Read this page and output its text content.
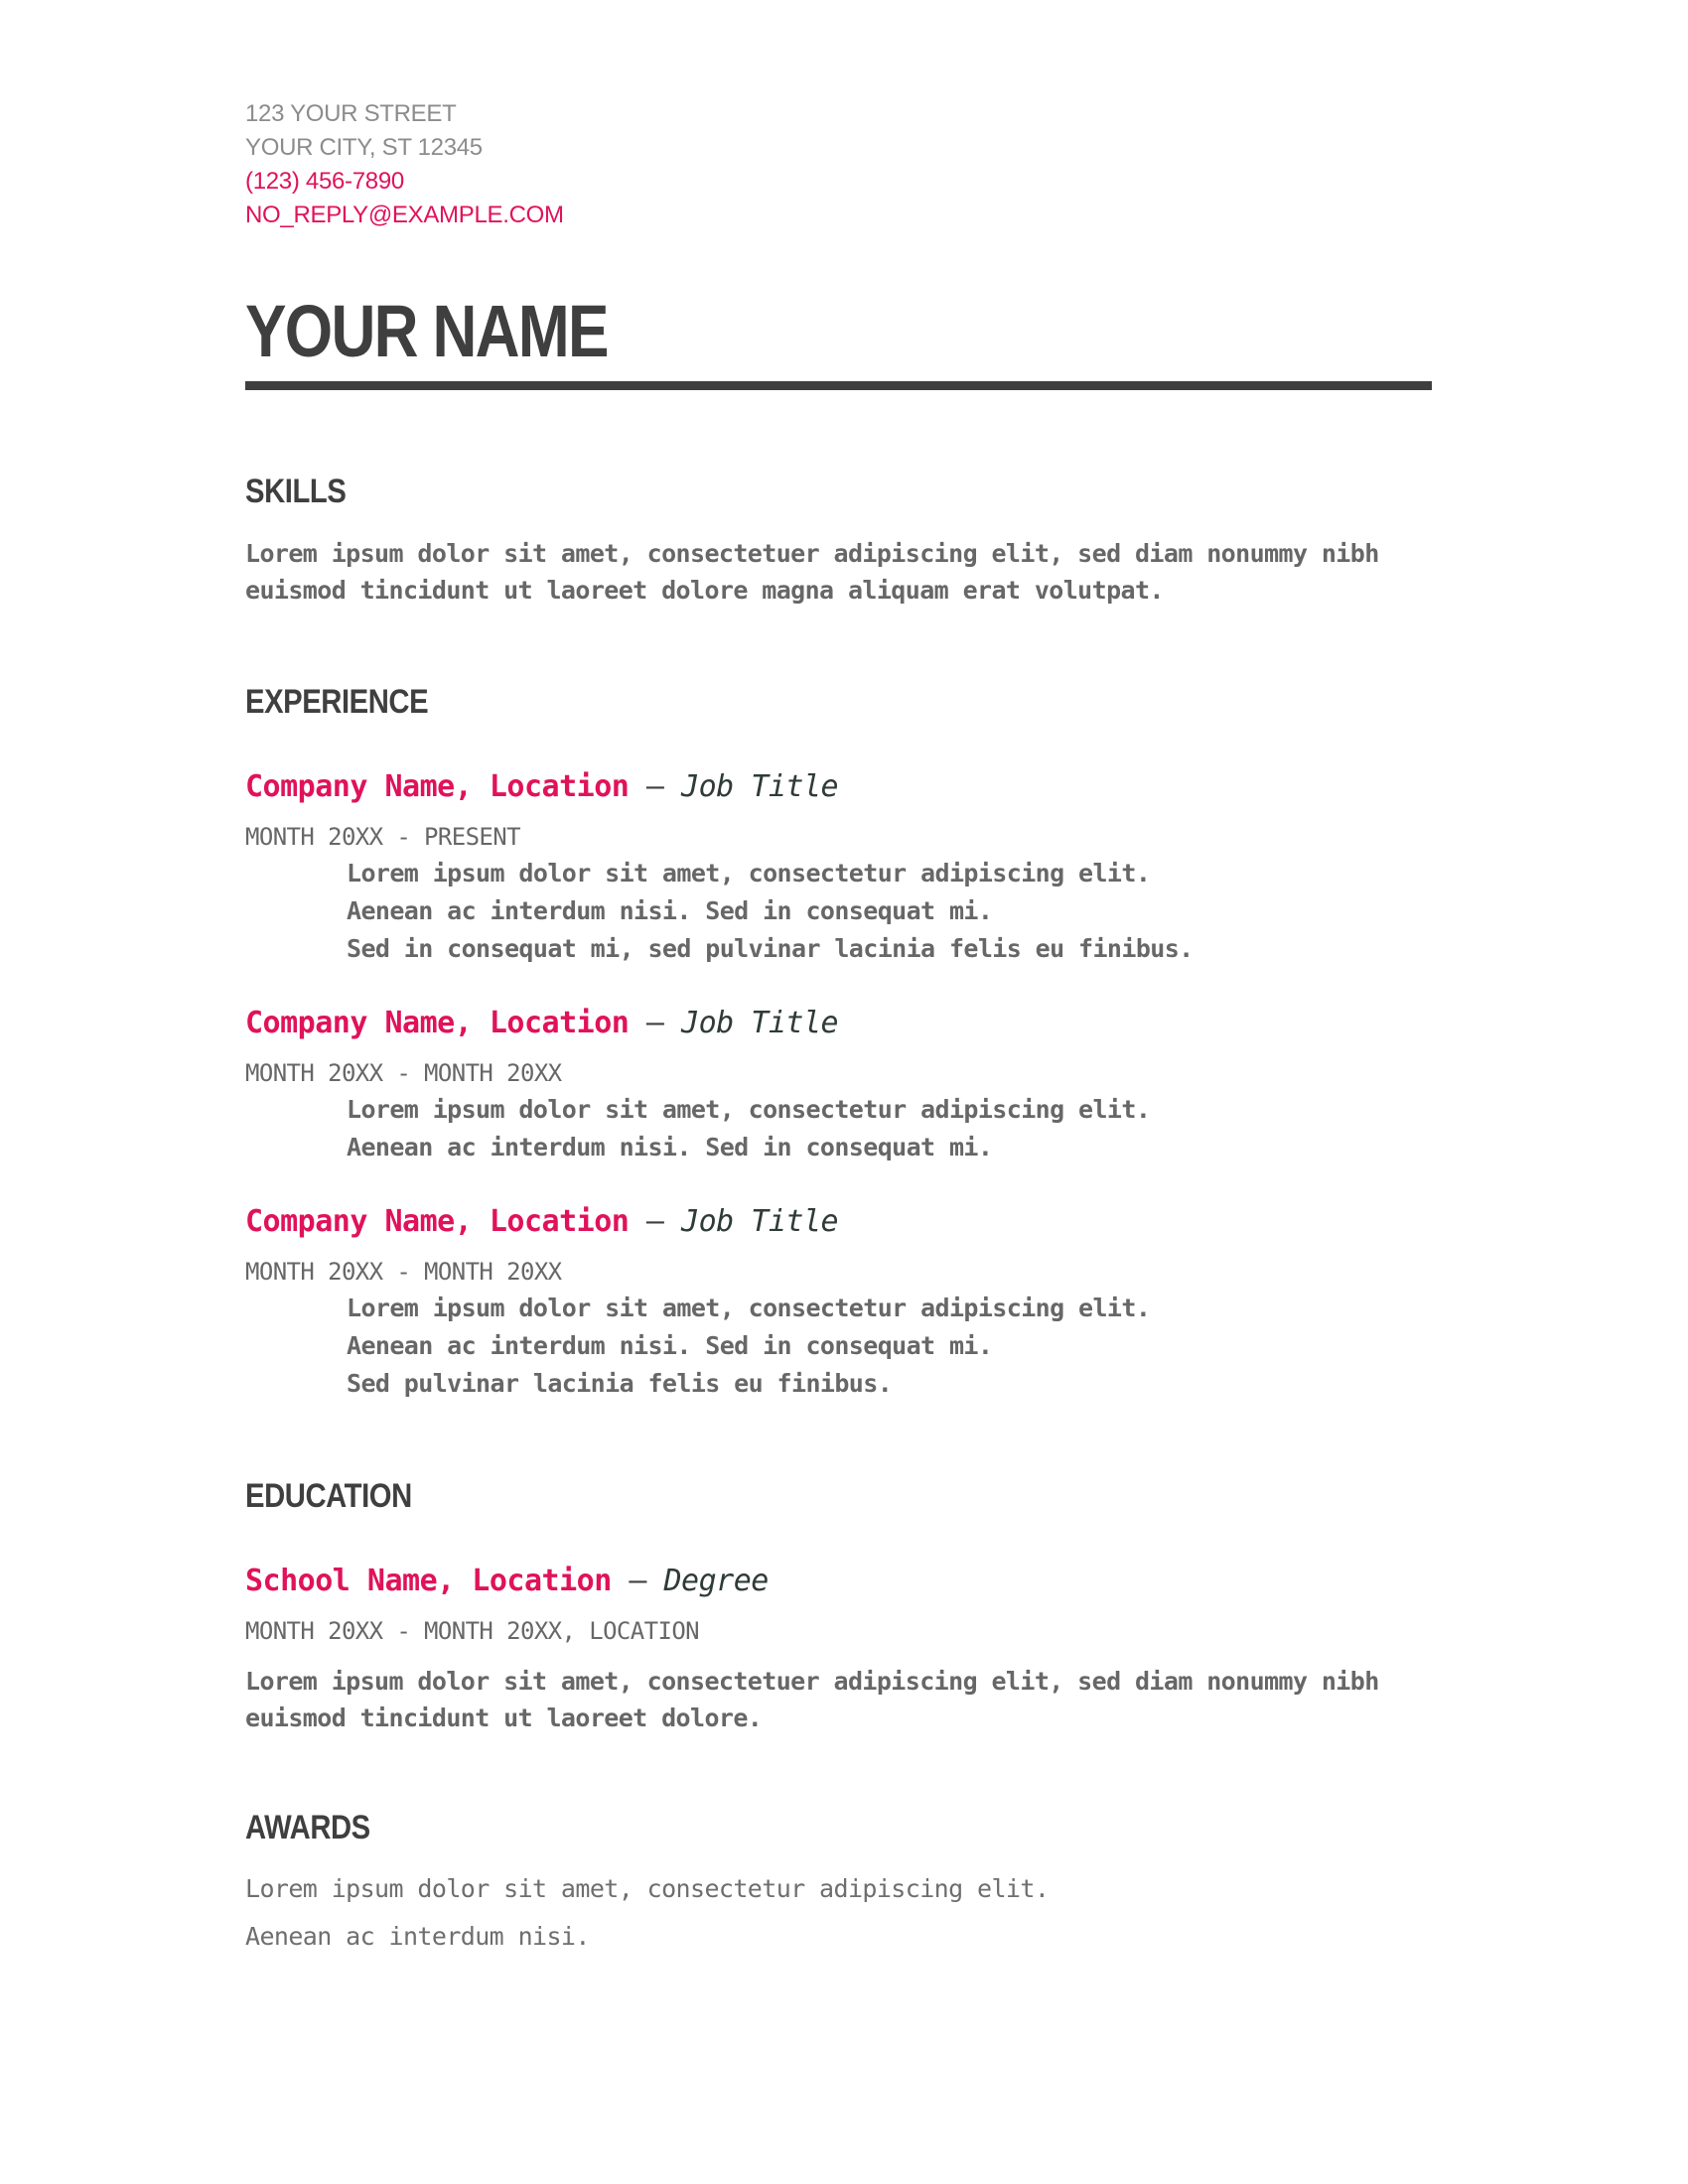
123 YOUR STREET
YOUR CITY, ST 12345
(123) 456-7890
NO_REPLY@EXAMPLE.COM
YOUR NAME
SKILLS
Lorem ipsum dolor sit amet, consectetuer adipiscing elit, sed diam nonummy nibh
euismod tincidunt ut laoreet dolore magna aliquam erat volutpat.
EXPERIENCE
Company Name, Location – Job Title
MONTH 20XX - PRESENT
Lorem ipsum dolor sit amet, consectetur adipiscing elit.
Aenean ac interdum nisi. Sed in consequat mi.
Sed in consequat mi, sed pulvinar lacinia felis eu finibus.
Company Name, Location – Job Title
MONTH 20XX - MONTH 20XX
Lorem ipsum dolor sit amet, consectetur adipiscing elit.
Aenean ac interdum nisi. Sed in consequat mi.
Company Name, Location – Job Title
MONTH 20XX - MONTH 20XX
Lorem ipsum dolor sit amet, consectetur adipiscing elit.
Aenean ac interdum nisi. Sed in consequat mi.
Sed pulvinar lacinia felis eu finibus.
EDUCATION
School Name, Location – Degree
MONTH 20XX - MONTH 20XX, LOCATION
Lorem ipsum dolor sit amet, consectetuer adipiscing elit, sed diam nonummy nibh
euismod tincidunt ut laoreet dolore.
AWARDS
Lorem ipsum dolor sit amet, consectetur adipiscing elit.
Aenean ac interdum nisi.
